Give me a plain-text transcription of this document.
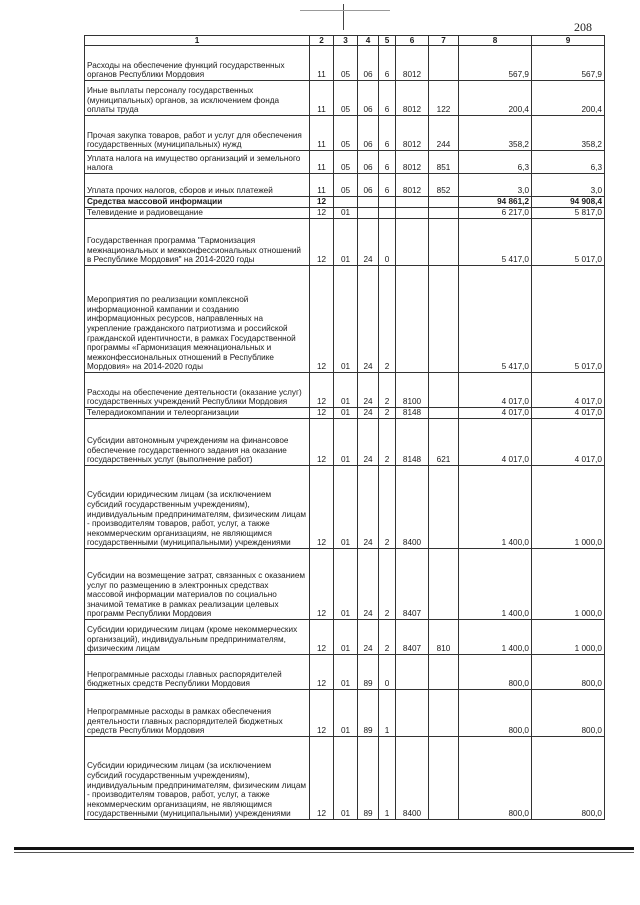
208
1	2	3	4	5	6	7	8	9
Расходы на обеспечение функций государственных органов Республики Мордовия	11	05	06	6	8012		567,9	567,9
Иные выплаты персоналу государственных (муниципальных) органов, за исключением фонда оплаты труда	11	05	06	6	8012	122	200,4	200,4
Прочая закупка товаров, работ и услуг для обеспечения государственных (муниципальных) нужд	11	05	06	6	8012	244	358,2	358,2
Уплата налога на имущество организаций и земельного налога	11	05	06	6	8012	851	6,3	6,3
Уплата прочих налогов, сборов и иных платежей	11	05	06	6	8012	852	3,0	3,0
Средства массовой информации	12						94 861,2	94 908,4
Телевидение и радиовещание	12	01					6 217,0	5 817,0
Государственная программа "Гармонизация межнациональных и межконфессиональных отношений в Республике Мордовия" на 2014-2020 годы	12	01	24	0			5 417,0	5 017,0
Мероприятия по реализации комплексной информационной кампании и созданию информационных ресурсов, направленных на укрепление гражданского патриотизма и российской гражданской идентичности, в рамках Государственной программы «Гармонизация межнациональных и межконфессиональных отношений в Республике Мордовия» на 2014-2020 годы	12	01	24	2			5 417,0	5 017,0
Расходы на обеспечение деятельности (оказание услуг) государственных учреждений Республики Мордовия	12	01	24	2	8100		4 017,0	4 017,0
Телерадиокомпании и телеорганизации	12	01	24	2	8148		4 017,0	4 017,0
Субсидии автономным учреждениям на финансовое обеспечение государственного задания на оказание государственных услуг (выполнение работ)	12	01	24	2	8148	621	4 017,0	4 017,0
Субсидии юридическим лицам (за исключением субсидий государственным учреждениям), индивидуальным предпринимателям, физическим лицам - производителям товаров, работ, услуг, а также некоммерческим организациям, не являющимся государственными (муниципальными) учреждениями	12	01	24	2	8400		1 400,0	1 000,0
Субсидии на возмещение затрат, связанных с оказанием услуг по размещению в электронных средствах массовой информации материалов по социально значимой тематике в рамках реализации целевых программ Республики Мордовия	12	01	24	2	8407		1 400,0	1 000,0
Субсидии юридическим лицам (кроме некоммерческих организаций), индивидуальным предпринимателям, физическим лицам	12	01	24	2	8407	810	1 400,0	1 000,0
Непрограммные расходы главных распорядителей бюджетных средств Республики Мордовия	12	01	89	0			800,0	800,0
Непрограммные расходы в рамках обеспечения деятельности главных распорядителей бюджетных средств Республики Мордовия	12	01	89	1			800,0	800,0
Субсидии юридическим лицам (за исключением субсидий государственным учреждениям), индивидуальным предпринимателям, физическим лицам - производителям товаров, работ, услуг, а также некоммерческим организациям, не являющимся государственными (муниципальными) учреждениями	12	01	89	1	8400		800,0	800,0
